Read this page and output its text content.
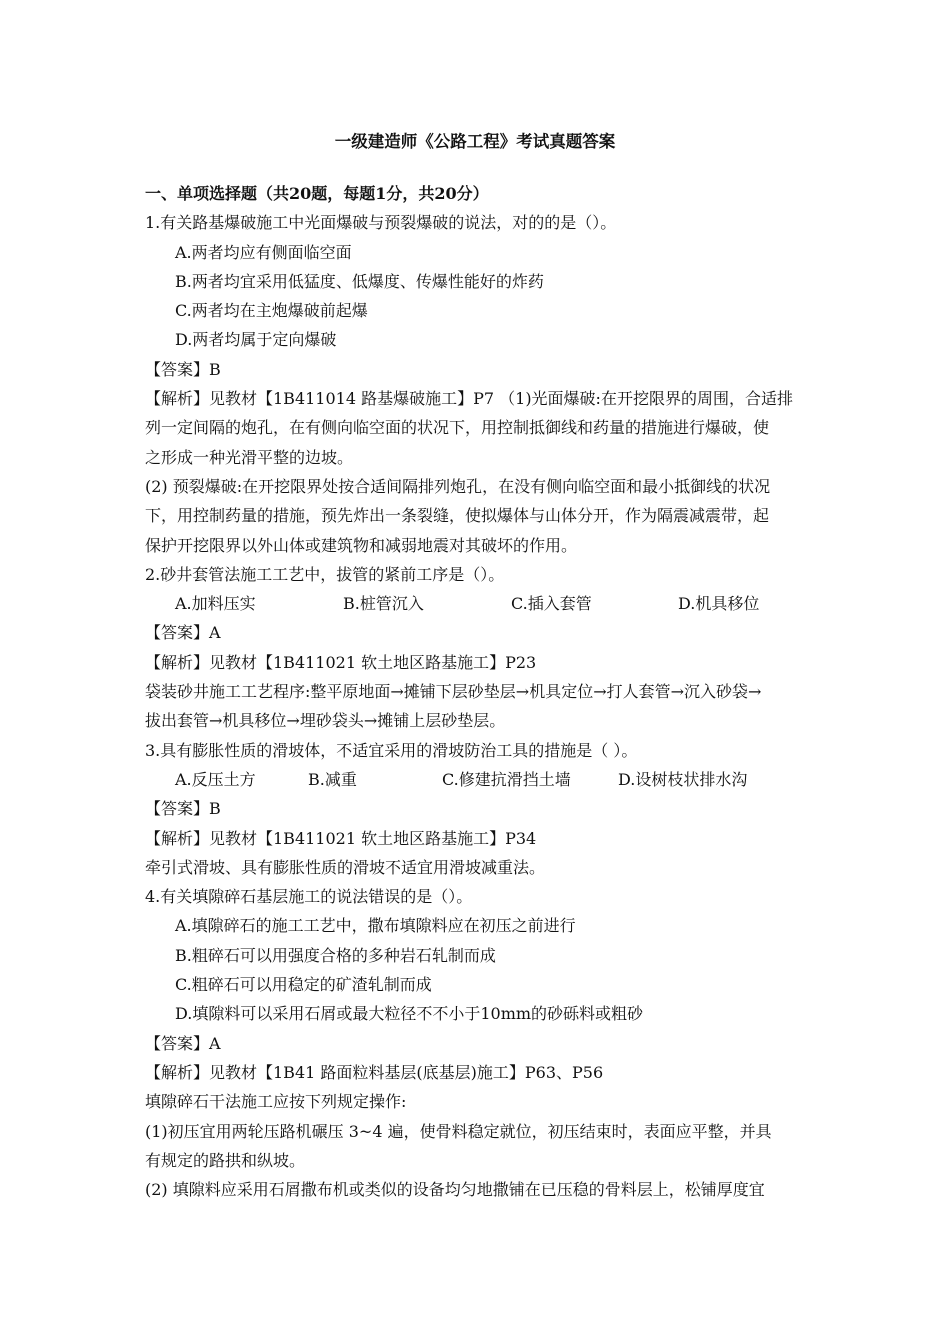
一级建造师《公路工程》考试真题答案

一、单项选择题（共20题，每题1分，共20分）

1.有关路基爆破施工中光面爆破与预裂爆破的说法，对的的是（）。

A.两者均应有侧面临空面

B.两者均宜采用低猛度、低爆度、传爆性能好的炸药

C.两者均在主炮爆破前起爆

D.两者均属于定向爆破

【答案】B

【解析】见教材【1B411014 路基爆破施工】P7 （1)光面爆破:在开挖限界的周围，合适排

列一定间隔的炮孔，在有侧向临空面的状况下，用控制抵御线和药量的措施进行爆破，使

之形成一种光滑平整的边坡。

(2) 预裂爆破:在开挖限界处按合适间隔排列炮孔，在没有侧向临空面和最小抵御线的状况

下，用控制药量的措施，预先炸出一条裂缝，使拟爆体与山体分开，作为隔震减震带，起

保护开挖限界以外山体或建筑物和减弱地震对其破坏的作用。

2.砂井套管法施工工艺中，拔管的紧前工序是（）。

A.加料压实	B.桩管沉入	C.插入套管	D.机具移位

【答案】A

【解析】见教材【1B411021 软土地区路基施工】P23

袋装砂井施工工艺程序:整平原地面→摊铺下层砂垫层→机具定位→打人套管→沉入砂袋→

拔出套管→机具移位→埋砂袋头→摊铺上层砂垫层。

3.具有膨胀性质的滑坡体，不适宜采用的滑坡防治工具的措施是（ ）。

A.反压土方	B.减重	C.修建抗滑挡土墙	D.设树枝状排水沟

【答案】B

【解析】见教材【1B411021 软土地区路基施工】P34

牵引式滑坡、具有膨胀性质的滑坡不适宜用滑坡减重法。

4.有关填隙碎石基层施工的说法错误的是（）。

A.填隙碎石的施工工艺中，撒布填隙料应在初压之前进行

B.粗碎石可以用强度合格的多种岩石轧制而成

C.粗碎石可以用稳定的矿渣轧制而成

D.填隙料可以采用石屑或最大粒径不不小于10mm的砂砾料或粗砂

【答案】A

【解析】见教材【1B41 路面粒料基层(底基层)施工】P63、P56

填隙碎石干法施工应按下列规定操作:

(1)初压宜用两轮压路机碾压 3~4 遍，使骨料稳定就位，初压结束时，表面应平整，并具

有规定的路拱和纵坡。

(2) 填隙料应采用石屑撒布机或类似的设备均匀地撒铺在已压稳的骨料层上，松铺厚度宜
